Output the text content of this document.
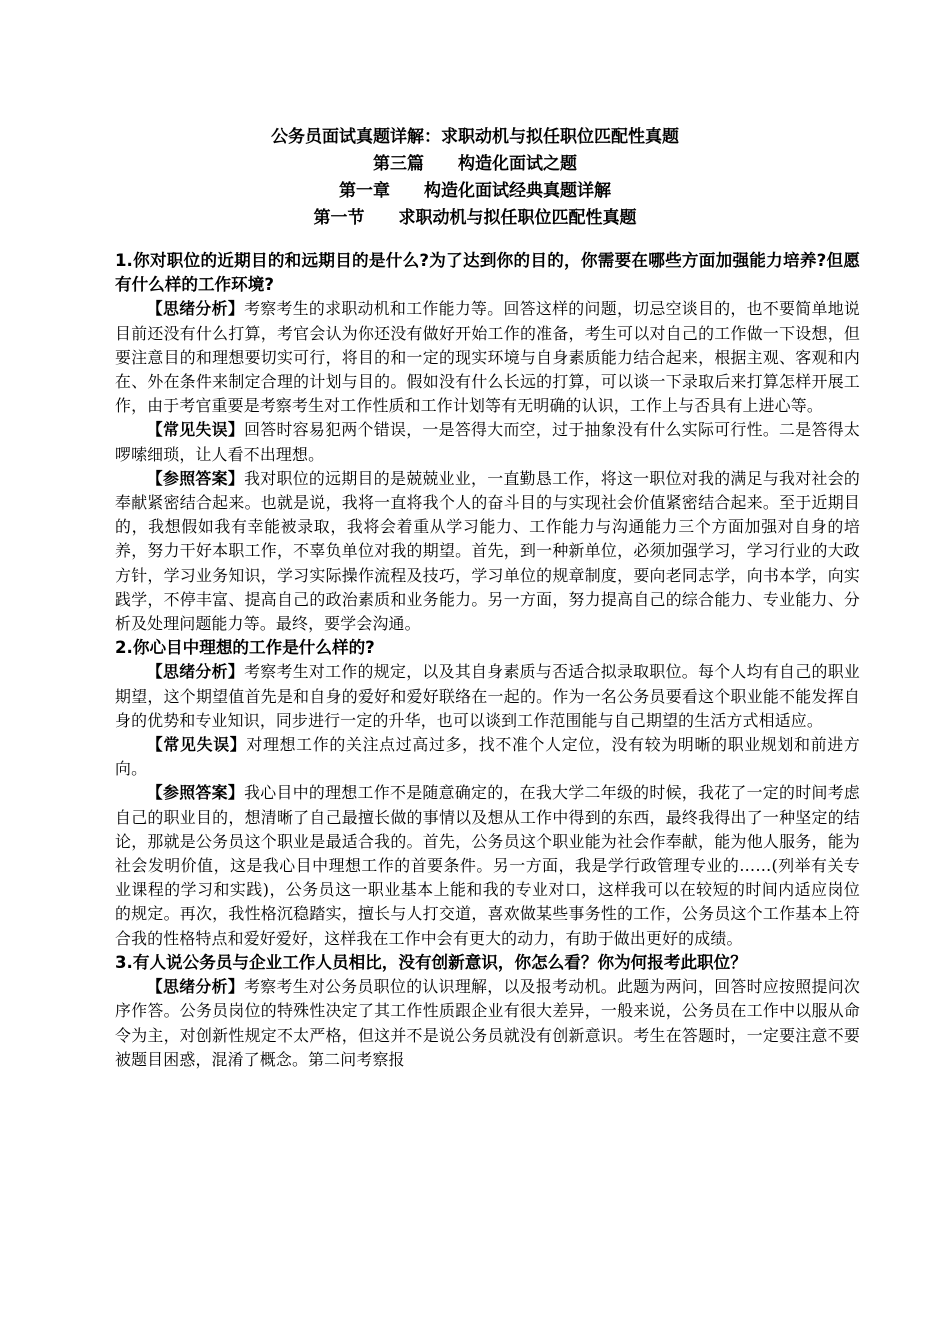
公务员面试真题详解：求职动机与拟任职位匹配性真题
第三篇　　构造化面试之题
第一章　　构造化面试经典真题详解
第一节　　求职动机与拟任职位匹配性真题

1.你对职位的近期目的和远期目的是什么?为了达到你的目的，你需要在哪些方面加强能力培养?但愿有什么样的工作环境?

【思绪分析】考察考生的求职动机和工作能力等。回答这样的问题，切忌空谈目的，也不要简单地说目前还没有什么打算，考官会认为你还没有做好开始工作的准备，考生可以对自己的工作做一下设想，但要注意目的和理想要切实可行，将目的和一定的现实环境与自身素质能力结合起来，根据主观、客观和内在、外在条件来制定合理的计划与目的。假如没有什么长远的打算，可以谈一下录取后来打算怎样开展工作，由于考官重要是考察考生对工作性质和工作计划等有无明确的认识，工作上与否具有上进心等。

【常见失误】回答时容易犯两个错误，一是答得大而空，过于抽象没有什么实际可行性。二是答得太啰嗦细琐，让人看不出理想。

【参照答案】我对职位的远期目的是兢兢业业，一直勤恳工作，将这一职位对我的满足与我对社会的奉献紧密结合起来。也就是说，我将一直将我个人的奋斗目的与实现社会价值紧密结合起来。至于近期目的，我想假如我有幸能被录取，我将会着重从学习能力、工作能力与沟通能力三个方面加强对自身的培养，努力干好本职工作，不辜负单位对我的期望。首先，到一种新单位，必须加强学习，学习行业的大政方针，学习业务知识，学习实际操作流程及技巧，学习单位的规章制度，要向老同志学，向书本学，向实践学，不停丰富、提高自己的政治素质和业务能力。另一方面，努力提高自己的综合能力、专业能力、分析及处理问题能力等。最终，要学会沟通。

2.你心目中理想的工作是什么样的?

【思绪分析】考察考生对工作的规定，以及其自身素质与否适合拟录取职位。每个人均有自己的职业期望，这个期望值首先是和自身的爱好和爱好联络在一起的。作为一名公务员要看这个职业能不能发挥自身的优势和专业知识，同步进行一定的升华，也可以谈到工作范围能与自己期望的生活方式相适应。

【常见失误】对理想工作的关注点过高过多，找不准个人定位，没有较为明晰的职业规划和前进方向。

【参照答案】我心目中的理想工作不是随意确定的，在我大学二年级的时候，我花了一定的时间考虑自己的职业目的，想清晰了自己最擅长做的事情以及想从工作中得到的东西，最终我得出了一种坚定的结论，那就是公务员这个职业是最适合我的。首先，公务员这个职业能为社会作奉献，能为他人服务，能为社会发明价值，这是我心目中理想工作的首要条件。另一方面，我是学行政管理专业的……(列举有关专业课程的学习和实践)，公务员这一职业基本上能和我的专业对口，这样我可以在较短的时间内适应岗位的规定。再次，我性格沉稳踏实，擅长与人打交道，喜欢做某些事务性的工作，公务员这个工作基本上符合我的性格特点和爱好爱好，这样我在工作中会有更大的动力，有助于做出更好的成绩。

3.有人说公务员与企业工作人员相比，没有创新意识，你怎么看？你为何报考此职位？

【思绪分析】考察考生对公务员职位的认识理解，以及报考动机。此题为两问，回答时应按照提问次序作答。公务员岗位的特殊性决定了其工作性质跟企业有很大差异，一般来说，公务员在工作中以服从命令为主，对创新性规定不太严格，但这并不是说公务员就没有创新意识。考生在答题时，一定要注意不要被题目困惑，混淆了概念。第二问考察报
